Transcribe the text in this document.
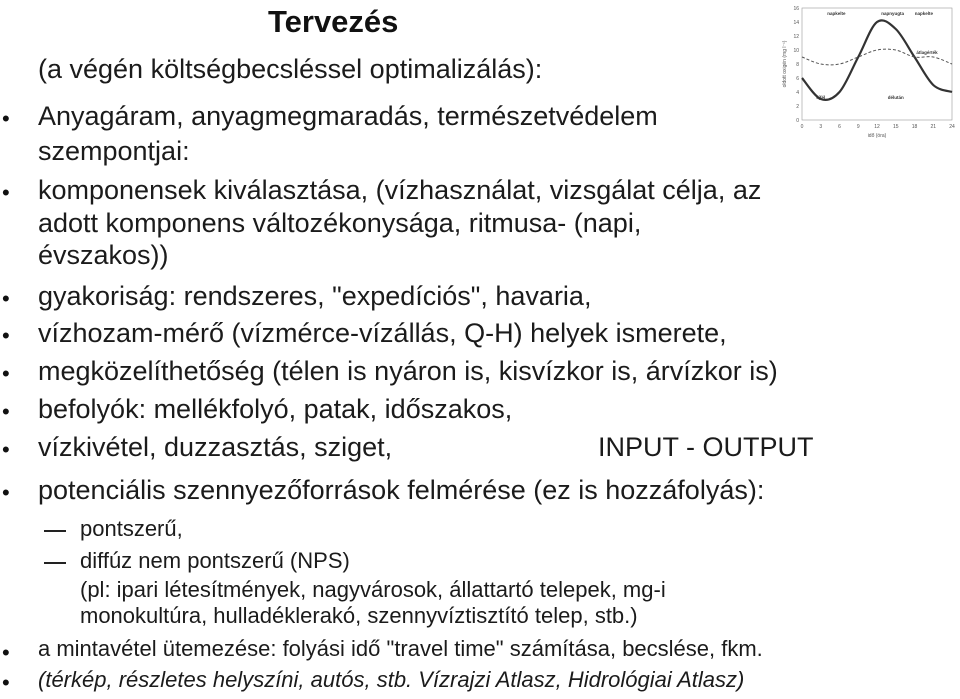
Tervezés
(a végén költségbecsléssel optimalizálás):
• Anyagáram, anyagmegmaradás, természetvédelem
szempontjai:
• komponensek kiválasztása, (vízhasználat, vizsgálat célja, az
adott komponens változékonysága, ritmusa- (napi,
évszakos))
• gyakoriság: rendszeres, "expedíciós", havaria,
• vízhozam-mérő (vízmérce-vízállás, Q-H) helyek ismerete,
• megközelíthetőség (télen is nyáron is, kisvízkor is, árvízkor is)
• befolyók: mellékfolyó, patak, időszakos,
• vízkivétel, duzzasztás, sziget,	INPUT - OUTPUT
• potenciális szennyezőforrások felmérése (ez is hozzáfolyás):
pontszerű,
diffúz nem pontszerű (NPS)
(pl: ipari létesítmények, nagyvárosok, állattartó telepek, mg-i
monokultúra, hulladéklerakó, szennyvíztisztító telep, stb.)
• a mintavétel ütemezése: folyási idő "travel time" számítása, becslése, fkm.
• (térkép, részletes helyszíni, autós, stb. Vízrajzi Atlasz, Hidrológiai Atlasz)
0
2
4
6
8
10
12
14
16
0	3	6	9	12	15	18	21	24
idő (óra)
oldott oxigén (mg l⁻¹)
napkelte	napnyugta napkelte
átlagérték
délután
éjfél
